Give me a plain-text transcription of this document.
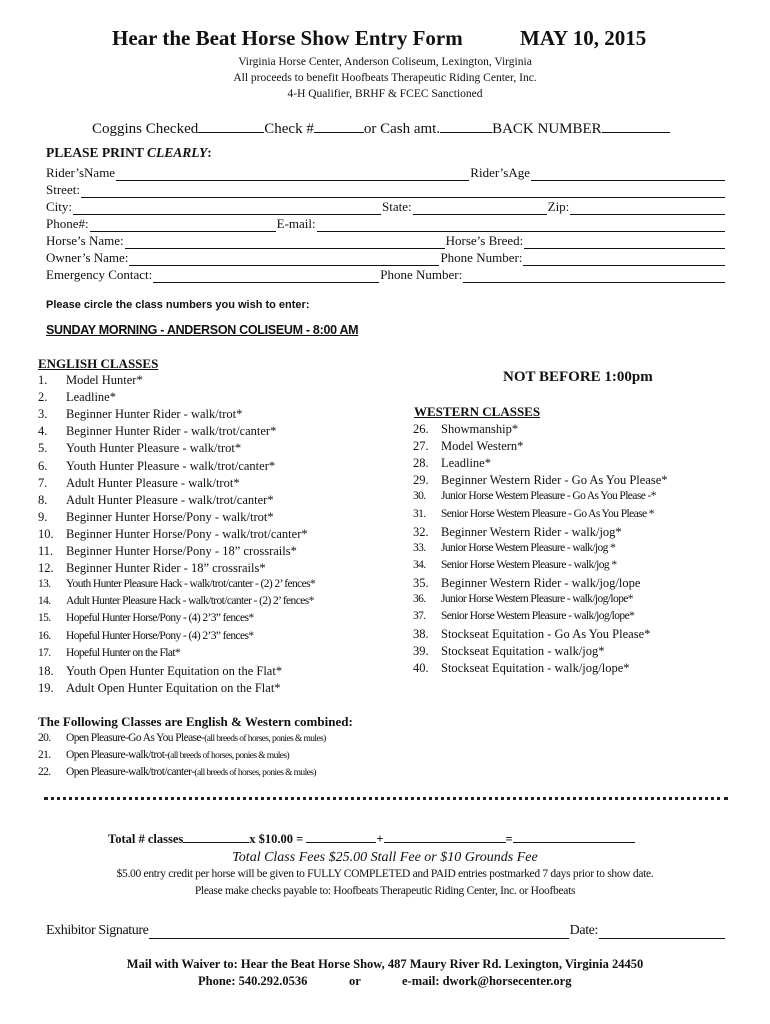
Hear the Beat Horse Show Entry Form	MAY 10, 2015
Virginia Horse Center, Anderson Coliseum, Lexington, Virginia
All proceeds to benefit Hoofbeats Therapeutic Riding Center, Inc.
4-H Qualifier, BRHF & FCEC Sanctioned
Coggins Checked	Check #	or Cash amt.	BACK NUMBER
PLEASE PRINT CLEARLY:
Rider’sName	Rider’sAge
Street:
City:	State:	Zip:
Phone#:	E-mail:
Horse’s Name:	Horse’s Breed:
Owner’s Name:	Phone Number:
Emergency Contact:	Phone Number:
Please circle the class numbers you wish to enter:
SUNDAY MORNING - ANDERSON COLISEUM - 8:00 AM
ENGLISH CLASSES
1. Model Hunter*
2. Leadline*
3. Beginner Hunter Rider - walk/trot*
4. Beginner Hunter Rider - walk/trot/canter*
5. Youth Hunter Pleasure - walk/trot*
6. Youth Hunter Pleasure - walk/trot/canter*
7. Adult Hunter Pleasure - walk/trot*
8. Adult Hunter Pleasure - walk/trot/canter*
9. Beginner Hunter Horse/Pony - walk/trot*
10. Beginner Hunter Horse/Pony - walk/trot/canter*
11. Beginner Hunter Horse/Pony - 18” crossrails*
12. Beginner Hunter Rider - 18” crossrails*
13. Youth Hunter Pleasure Hack - walk/trot/canter - (2) 2’ fences*
14. Adult Hunter Pleasure Hack - walk/trot/canter - (2) 2’ fences*
15. Hopeful Hunter Horse/Pony - (4) 2’3” fences*
16. Hopeful Hunter Horse/Pony - (4) 2’3” fences*
17. Hopeful Hunter on the Flat*
18. Youth Open Hunter Equitation on the Flat*
19. Adult Open Hunter Equitation on the Flat*
NOT BEFORE 1:00pm
WESTERN CLASSES
26. Showmanship*
27. Model Western*
28. Leadline*
29. Beginner Western Rider - Go As You Please*
30. Junior Horse Western Pleasure - Go As You Please -*
31. Senior Horse Western Pleasure - Go As You Please *
32. Beginner Western Rider - walk/jog*
33. Junior Horse Western Pleasure - walk/jog *
34. Senior Horse Western Pleasure - walk/jog *
35. Beginner Western Rider - walk/jog/lope
36. Junior Horse Western Pleasure - walk/jog/lope*
37. Senior Horse Western Pleasure - walk/jog/lope*
38. Stockseat Equitation - Go As You Please*
39. Stockseat Equitation - walk/jog*
40. Stockseat Equitation - walk/jog/lope*
The Following Classes are English & Western combined:
20. Open Pleasure-Go As You Please-(all breeds of horses, ponies & mules)
21. Open Pleasure-walk/trot-(all breeds of horses, ponies & mules)
22. Open Pleasure-walk/trot/canter-(all breeds of horses, ponies & mules)
Total # classes	x $10.00 =	+	=
Total Class Fees $25.00 Stall Fee or $10 Grounds Fee
$5.00 entry credit per horse will be given to FULLY COMPLETED and PAID entries postmarked 7 days prior to show date.
Please make checks payable to: Hoofbeats Therapeutic Riding Center, Inc. or Hoofbeats
Exhibitor Signature	Date:
Mail with Waiver to: Hear the Beat Horse Show, 487 Maury River Rd. Lexington, Virginia 24450
Phone: 540.292.0536	or	e-mail: dwork@horsecenter.org
